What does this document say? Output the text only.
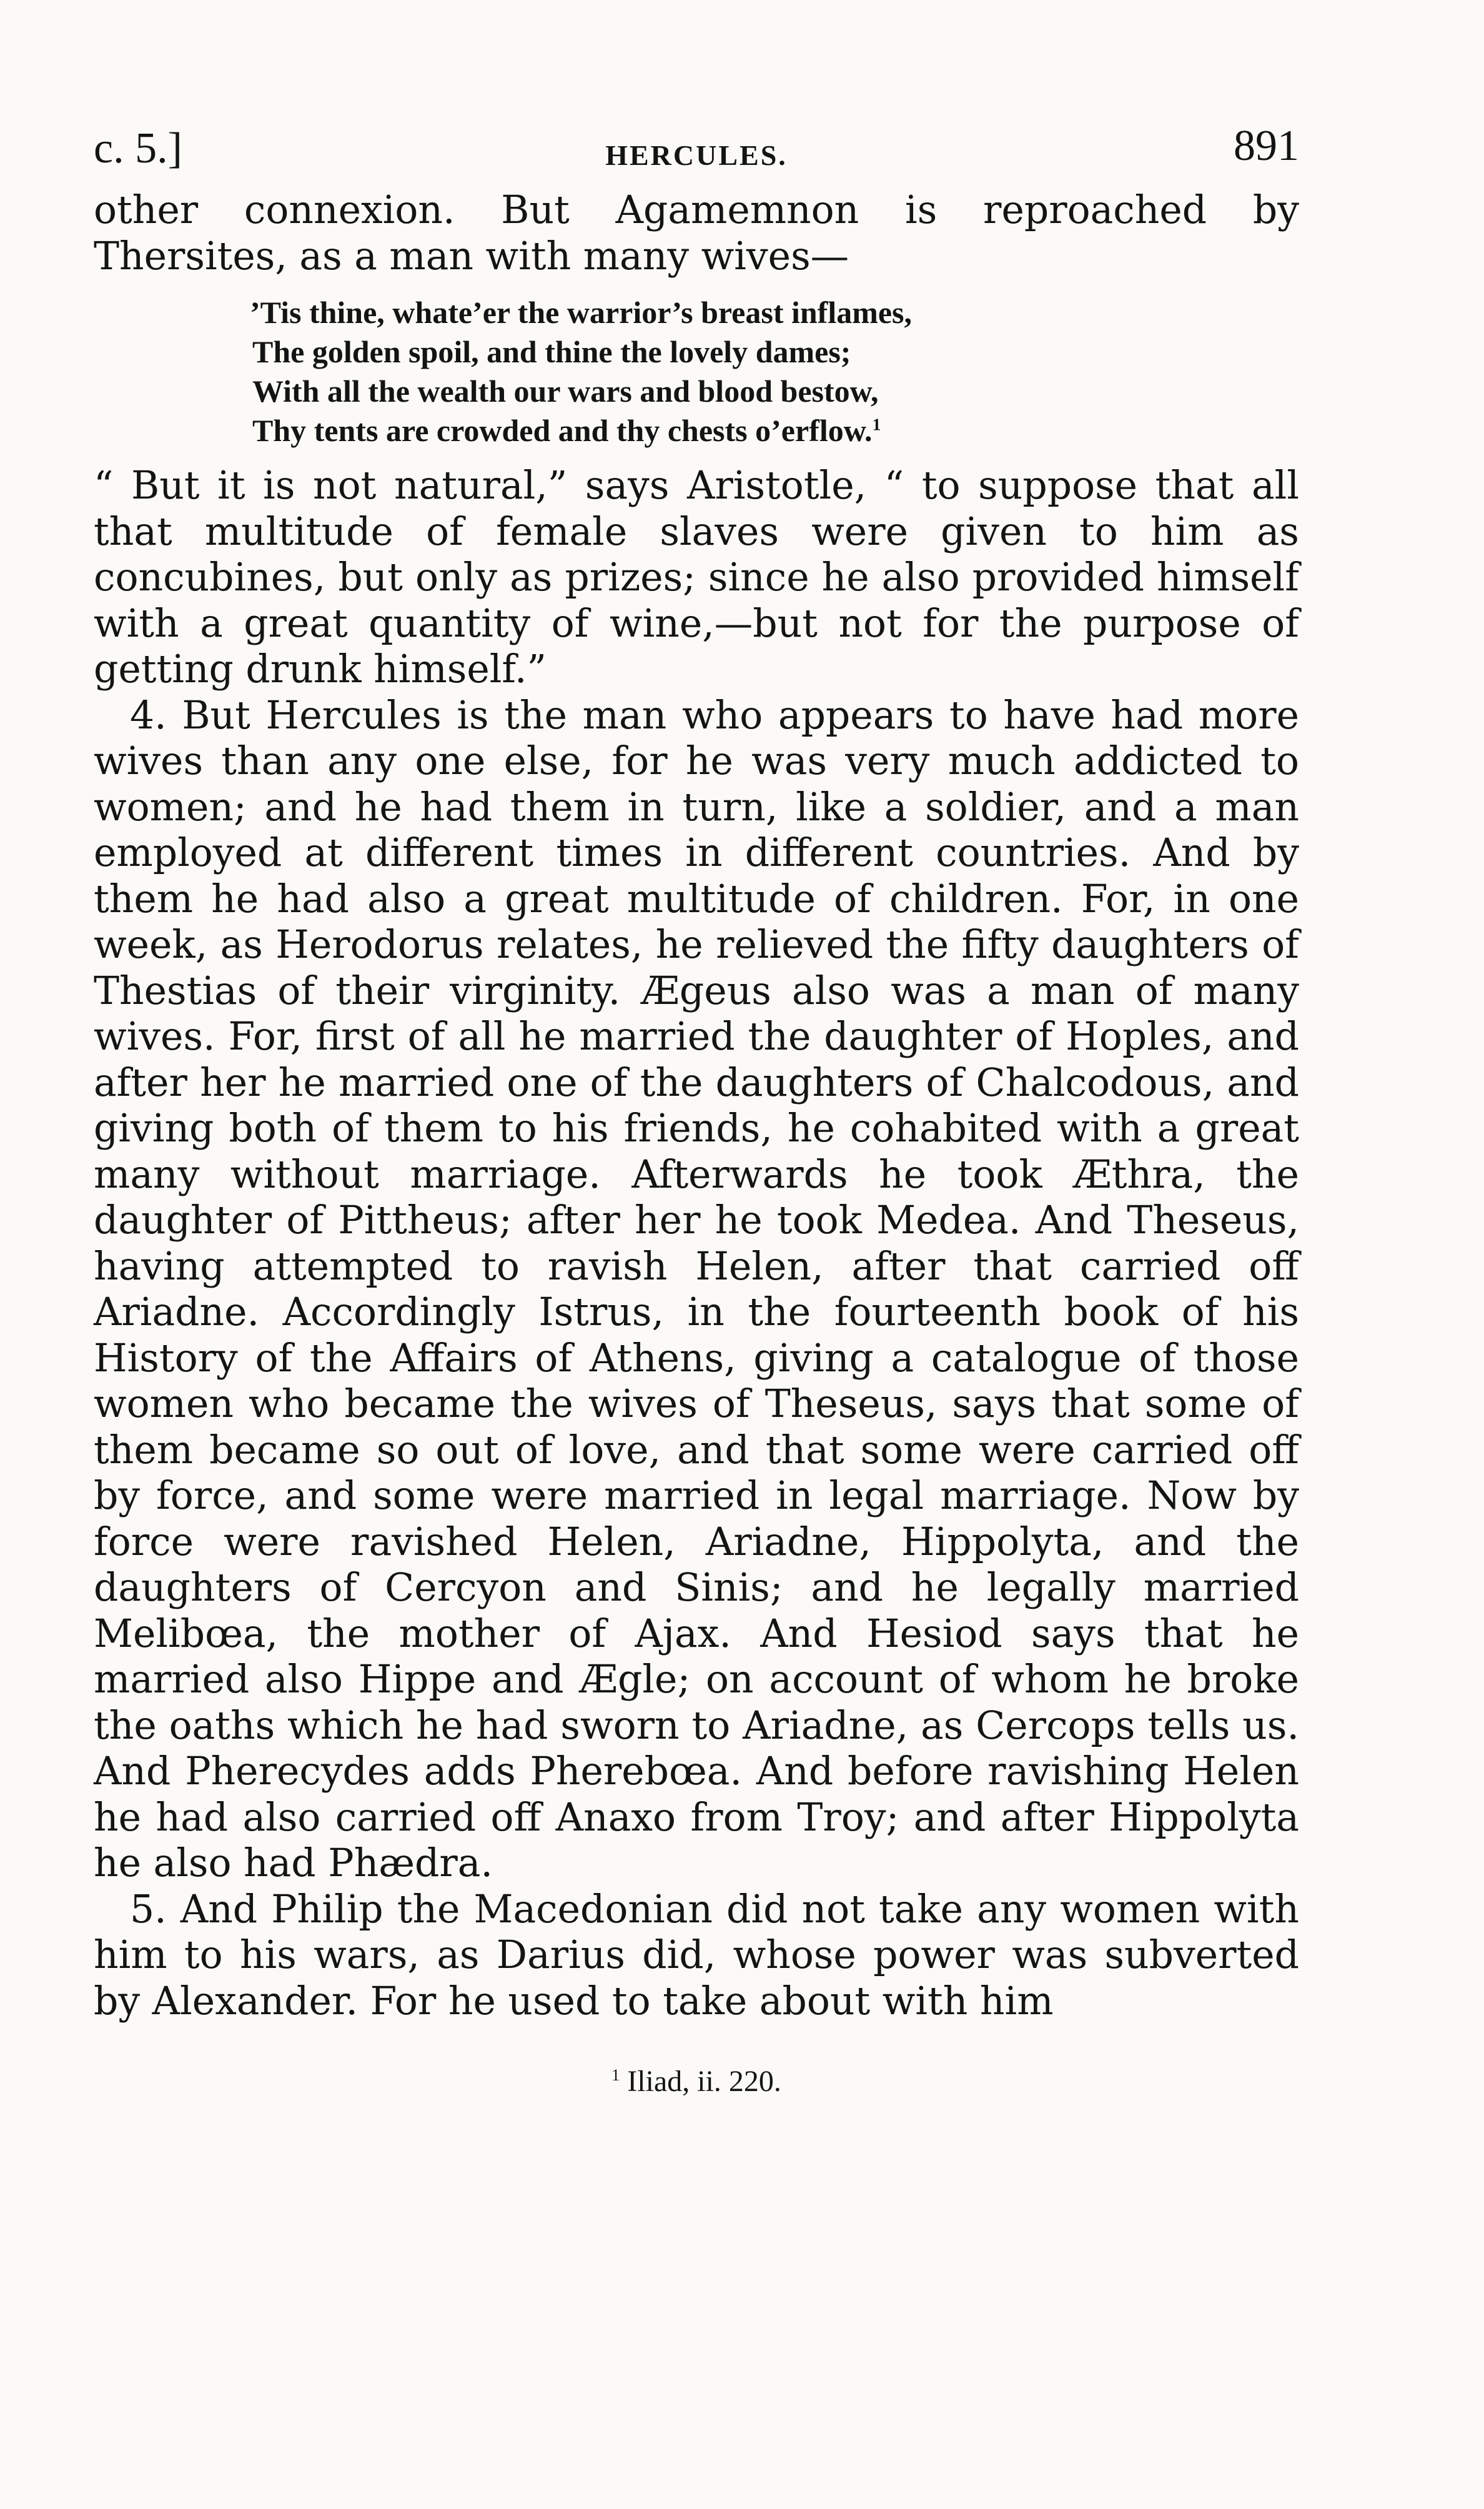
c. 5.]	HERCULES.	891

other connexion. But Agamemnon is reproached by Thersites, as a man with many wives—

’Tis thine, whate’er the warrior’s breast inflames,
The golden spoil, and thine the lovely dames;
With all the wealth our wars and blood bestow,
Thy tents are crowded and thy chests o’erflow.$^1$

“ But it is not natural,” says Aristotle, “ to suppose that all that multitude of female slaves were given to him as concubines, but only as prizes; since he also provided himself with a great quantity of wine,—but not for the purpose of getting drunk himself.”

4. But Hercules is the man who appears to have had more wives than any one else, for he was very much addicted to women; and he had them in turn, like a soldier, and a man employed at different times in different countries. And by them he had also a great multitude of children. For, in one week, as Herodorus relates, he relieved the fifty daughters of Thestias of their virginity. Ægeus also was a man of many wives. For, first of all he married the daughter of Hoples, and after her he married one of the daughters of Chalcodous, and giving both of them to his friends, he cohabited with a great many without marriage. Afterwards he took Æthra, the daughter of Pittheus; after her he took Medea. And Theseus, having attempted to ravish Helen, after that carried off Ariadne. Accordingly Istrus, in the fourteenth book of his History of the Affairs of Athens, giving a catalogue of those women who became the wives of Theseus, says that some of them became so out of love, and that some were carried off by force, and some were married in legal marriage. Now by force were ravished Helen, Ariadne, Hippolyta, and the daughters of Cercyon and Sinis; and he legally married Melibœa, the mother of Ajax. And Hesiod says that he married also Hippe and Ægle; on account of whom he broke the oaths which he had sworn to Ariadne, as Cercops tells us. And Pherecydes adds Pherebœa. And before ravishing Helen he had also carried off Anaxo from Troy; and after Hippolyta he also had Phædra.

5. And Philip the Macedonian did not take any women with him to his wars, as Darius did, whose power was subverted by Alexander. For he used to take about with him

$^1$ Iliad, ii. 220.
